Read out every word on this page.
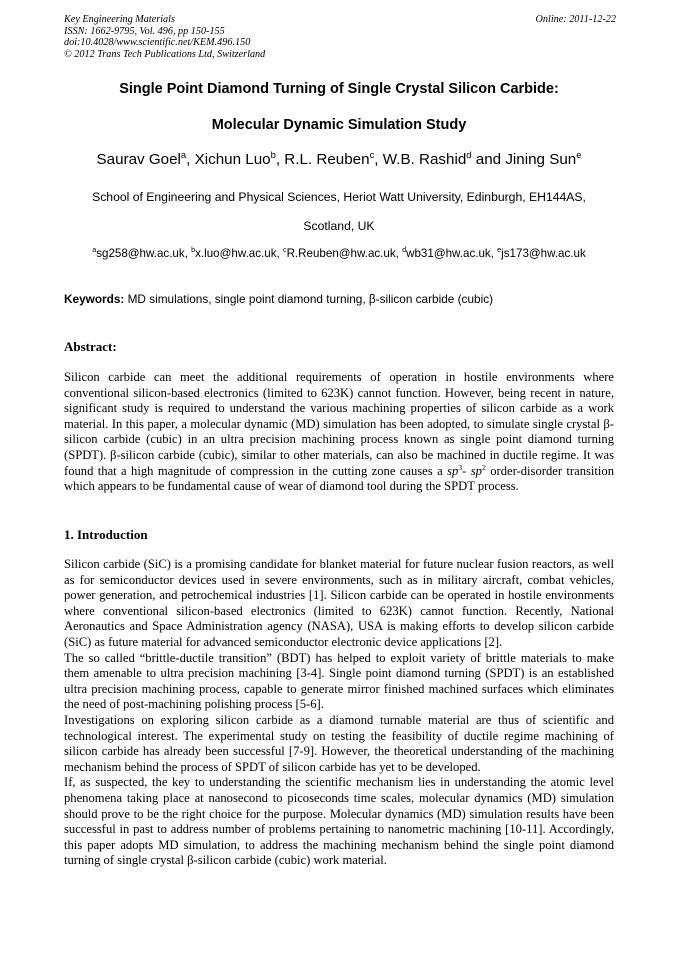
Key Engineering Materials
ISSN: 1662-9795, Vol. 496, pp 150-155
doi:10.4028/www.scientific.net/KEM.496.150
© 2012 Trans Tech Publications Ltd, Switzerland
Online: 2011-12-22
Single Point Diamond Turning of Single Crystal Silicon Carbide:
Molecular Dynamic Simulation Study
Saurav Goel$^a$, Xichun Luo$^b$, R.L. Reuben$^c$, W.B. Rashid$^d$ and Jining Sun$^e$
School of Engineering and Physical Sciences, Heriot Watt University, Edinburgh, EH144AS,
Scotland, UK
$^a$sg258@hw.ac.uk, $^b$x.luo@hw.ac.uk, $^c$R.Reuben@hw.ac.uk, $^d$wb31@hw.ac.uk, $^e$js173@hw.ac.uk
Keywords: MD simulations, single point diamond turning, β-silicon carbide (cubic)
Abstract:

Silicon carbide can meet the additional requirements of operation in hostile environments where conventional silicon-based electronics (limited to 623K) cannot function. However, being recent in nature, significant study is required to understand the various machining properties of silicon carbide as a work material. In this paper, a molecular dynamic (MD) simulation has been adopted, to simulate single crystal β-silicon carbide (cubic) in an ultra precision machining process known as single point diamond turning (SPDT). β-silicon carbide (cubic), similar to other materials, can also be machined in ductile regime. It was found that a high magnitude of compression in the cutting zone causes a $sp^3-$ $sp^2$ order-disorder transition which appears to be fundamental cause of wear of diamond tool during the SPDT process.

1. Introduction

Silicon carbide (SiC) is a promising candidate for blanket material for future nuclear fusion reactors, as well as for semiconductor devices used in severe environments, such as in military aircraft, combat vehicles, power generation, and petrochemical industries [1]. Silicon carbide can be operated in hostile environments where conventional silicon-based electronics (limited to 623K) cannot function. Recently, National Aeronautics and Space Administration agency (NASA), USA is making efforts to develop silicon carbide (SiC) as future material for advanced semiconductor electronic device applications [2].

The so called “brittle-ductile transition” (BDT) has helped to exploit variety of brittle materials to make them amenable to ultra precision machining [3-4]. Single point diamond turning (SPDT) is an established ultra precision machining process, capable to generate mirror finished machined surfaces which eliminates the need of post-machining polishing process [5-6].

Investigations on exploring silicon carbide as a diamond turnable material are thus of scientific and technological interest. The experimental study on testing the feasibility of ductile regime machining of silicon carbide has already been successful [7-9]. However, the theoretical understanding of the machining mechanism behind the process of SPDT of silicon carbide has yet to be developed.

If, as suspected, the key to understanding the scientific mechanism lies in understanding the atomic level phenomena taking place at nanosecond to picoseconds time scales, molecular dynamics (MD) simulation should prove to be the right choice for the purpose. Molecular dynamics (MD) simulation results have been successful in past to address number of problems pertaining to nanometric machining [10-11]. Accordingly, this paper adopts MD simulation, to address the machining mechanism behind the single point diamond turning of single crystal β-silicon carbide (cubic) work material.
